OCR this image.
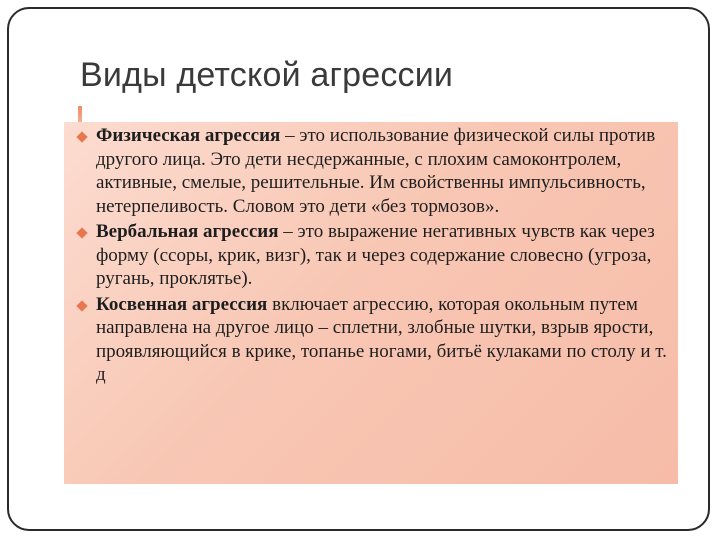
Виды детской агрессии
Физическая агрессия – это использование физической силы против другого лица. Это дети несдержанные, с плохим самоконтролем, активные, смелые, решительные. Им свойственны импульсивность, нетерпеливость. Словом это дети «без тормозов».
Вербальная агрессия – это выражение негативных чувств как через форму (ссоры, крик, визг), так и через содержание словесно (угроза, ругань, проклятье).
Косвенная агрессия включает агрессию, которая окольным путем направлена на другое лицо – сплетни, злобные шутки, взрыв ярости, проявляющийся в крике, топанье ногами, битьё кулаками по столу и т. д
